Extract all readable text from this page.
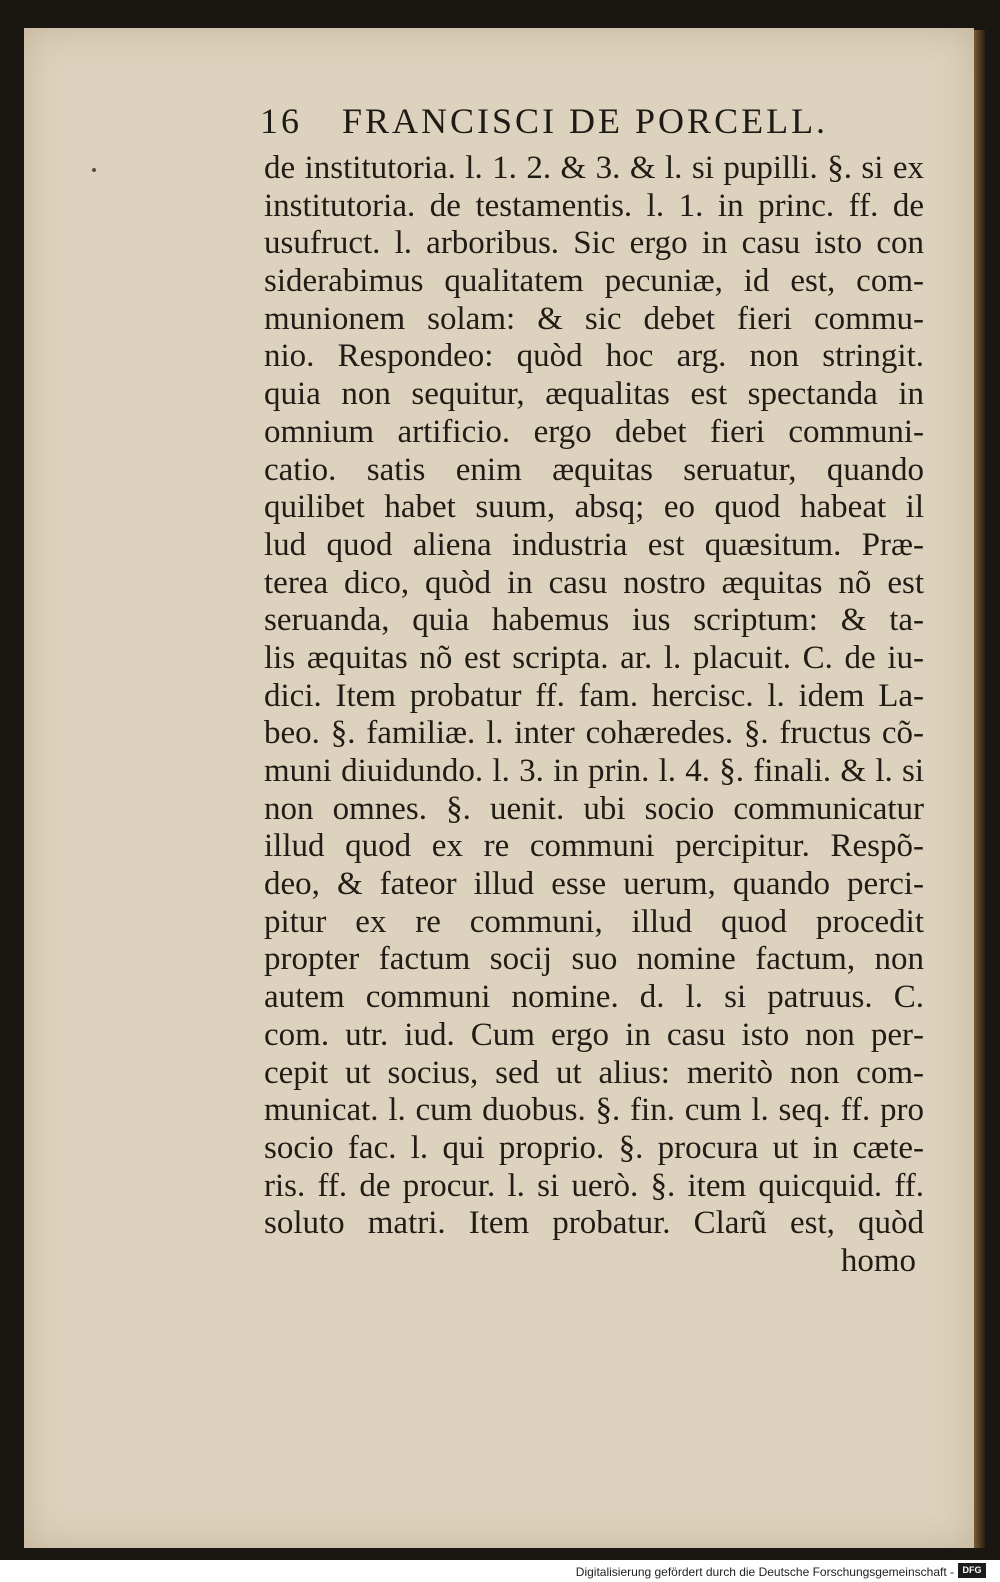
16 FRANCISCI DE PORCELL.
de institutoria. l. 1. 2. & 3. & l. si pupilli. §. si ex
institutoria. de testamentis. l. 1. in princ. ff. de
usufruct. l. arboribus. Sic ergo in casu isto con
siderabimus qualitatem pecuniæ, id est, com‑
munionem solam: & sic debet fieri commu‑
nio. Respondeo: quòd hoc arg. non stringit.
quia non sequitur, æqualitas est spectanda in
omnium artificio. ergo debet fieri communi‑
catio. satis enim æquitas seruatur, quando
quilibet habet suum, absq; eo quod habeat il
lud quod aliena industria est quæsitum. Præ‑
terea dico, quòd in casu nostro æquitas nõ est
seruanda, quia habemus ius scriptum: & ta‑
lis æquitas nõ est scripta. ar. l. placuit. C. de iu‑
dici. Item probatur ff. fam. hercisc. l. idem La‑
beo. §. familiæ. l. inter cohæredes. §. fructus cõ‑
muni diuidundo. l. 3. in prin. l. 4. §. finali. & l. si
non omnes. §. uenit. ubi socio communicatur
illud quod ex re communi percipitur. Respõ‑
deo, & fateor illud esse uerum, quando perci‑
pitur ex re communi, illud quod procedit
propter factum socij suo nomine factum, non
autem communi nomine. d. l. si patruus. C.
com. utr. iud. Cum ergo in casu isto non per‑
cepit ut socius, sed ut alius: meritò non com‑
municat. l. cum duobus. §. fin. cum l. seq. ff. pro
socio fac. l. qui proprio. §. procura ut in cæte‑
ris. ff. de procur. l. si uerò. §. item quicquid. ff.
soluto matri. Item probatur. Clarũ est, quòd
homo
Digitalisierung gefördert durch die Deutsche Forschungsgemeinschaft - DFG
